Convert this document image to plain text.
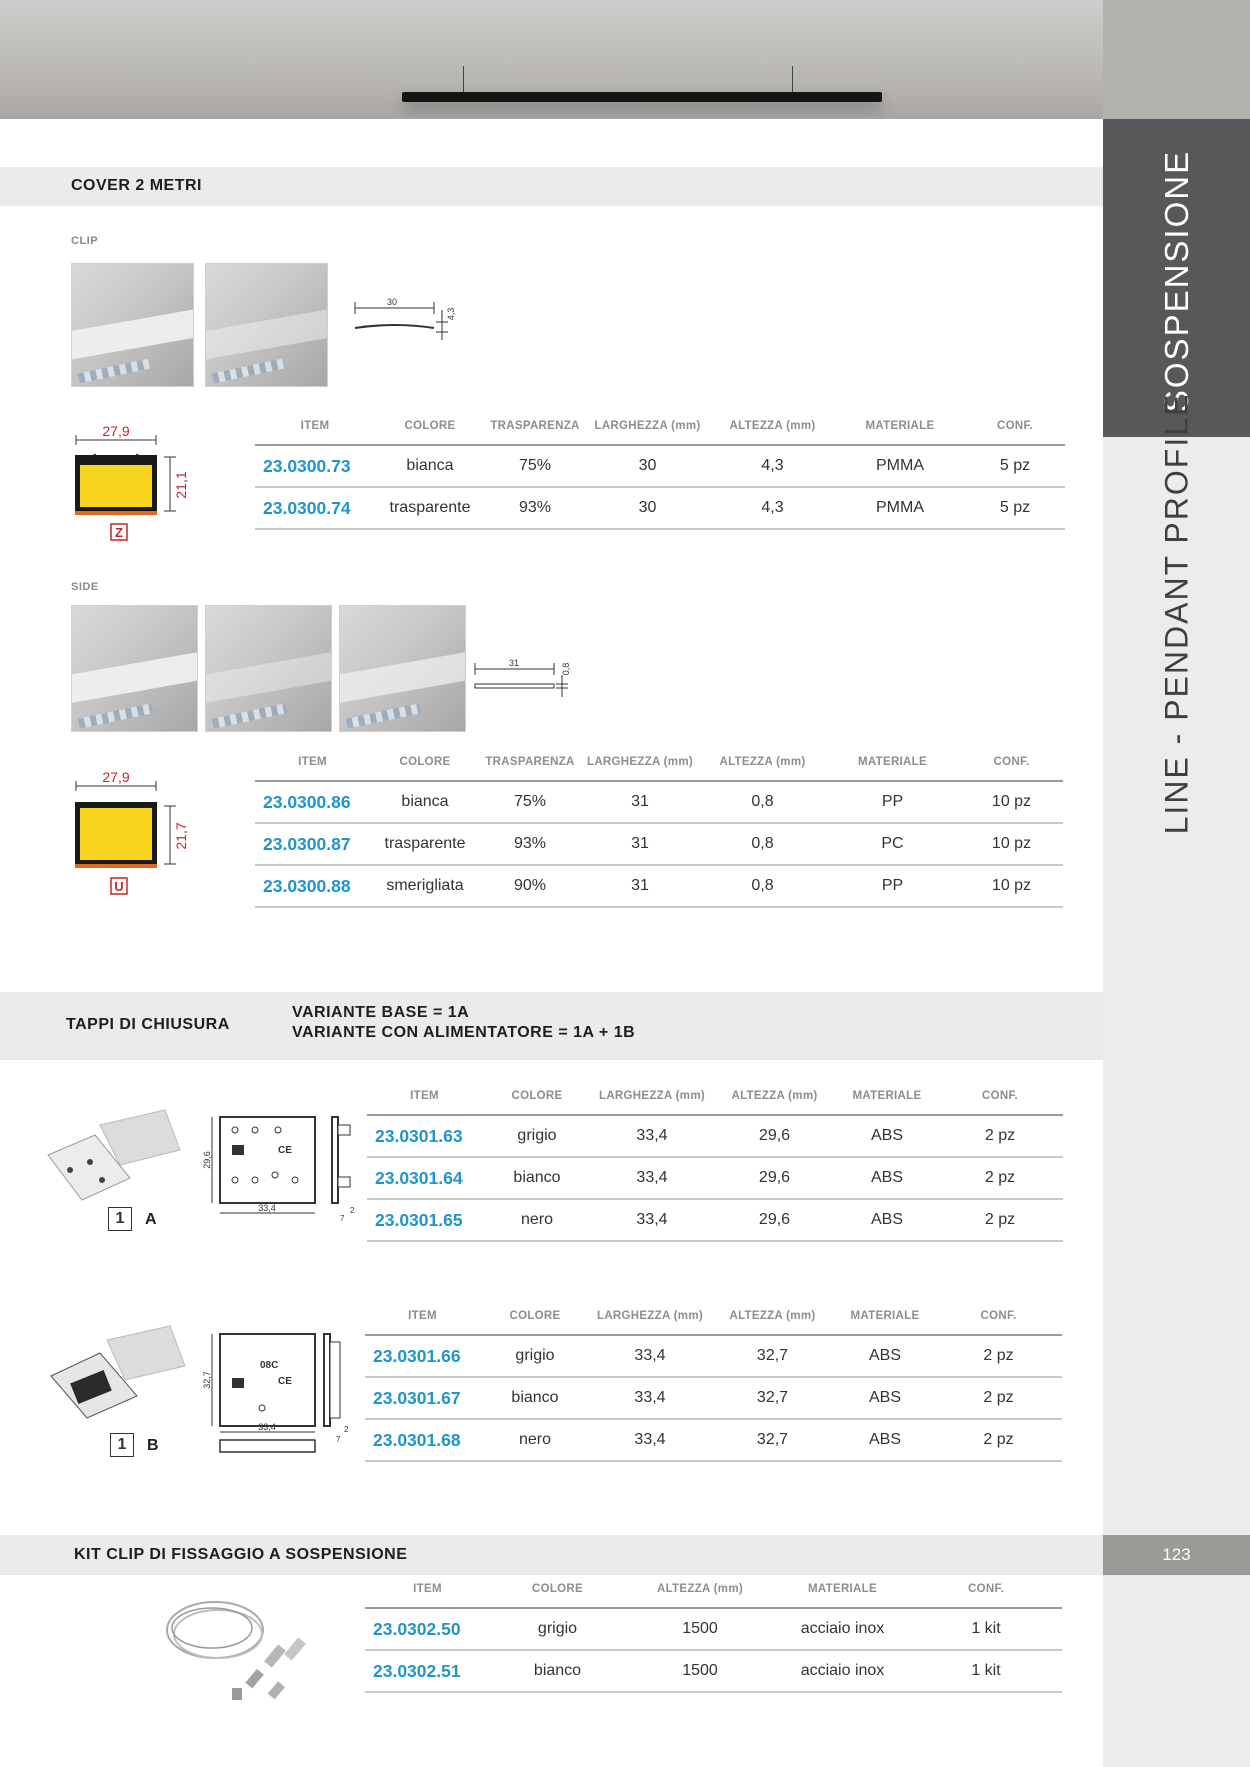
SOSPENSIONE
LINE - PENDANT PROFILE
123
COVER 2 METRI
CLIP
30
4,3
27,9
21,1
Z
ITEM	COLORE	TRASPARENZA	LARGHEZZA (mm)	ALTEZZA (mm)	MATERIALE	CONF.
23.0300.73	bianca	75%	30	4,3	PMMA	5 pz
23.0300.74	trasparente	93%	30	4,3	PMMA	5 pz
SIDE
31	0,8
27,9
21,7
U
ITEM	COLORE	TRASPARENZA	LARGHEZZA (mm)	ALTEZZA (mm)	MATERIALE	CONF.
23.0300.86	bianca	75%	31	0,8	PP	10 pz
23.0300.87	trasparente	93%	31	0,8	PC	10 pz
23.0300.88	smerigliata	90%	31	0,8	PP	10 pz
TAPPI DI CHIUSURA
VARIANTE BASE = 1A
VARIANTE CON ALIMENTATORE = 1A + 1B
1	A
CE
29,6
33,4	2
7
ITEM	COLORE	LARGHEZZA (mm)	ALTEZZA (mm)	MATERIALE	CONF.
23.0301.63	grigio	33,4	29,6	ABS	2 pz
23.0301.64	bianco	33,4	29,6	ABS	2 pz
23.0301.65	nero	33,4	29,6	ABS	2 pz
1	B
08C
CE
32,7
33,4	2
7
ITEM	COLORE	LARGHEZZA (mm)	ALTEZZA (mm)	MATERIALE	CONF.
23.0301.66	grigio	33,4	32,7	ABS	2 pz
23.0301.67	bianco	33,4	32,7	ABS	2 pz
23.0301.68	nero	33,4	32,7	ABS	2 pz
KIT CLIP DI FISSAGGIO A SOSPENSIONE
ITEM	COLORE	ALTEZZA (mm)	MATERIALE	CONF.
23.0302.50	grigio	1500	acciaio inox	1 kit
23.0302.51	bianco	1500	acciaio inox	1 kit
